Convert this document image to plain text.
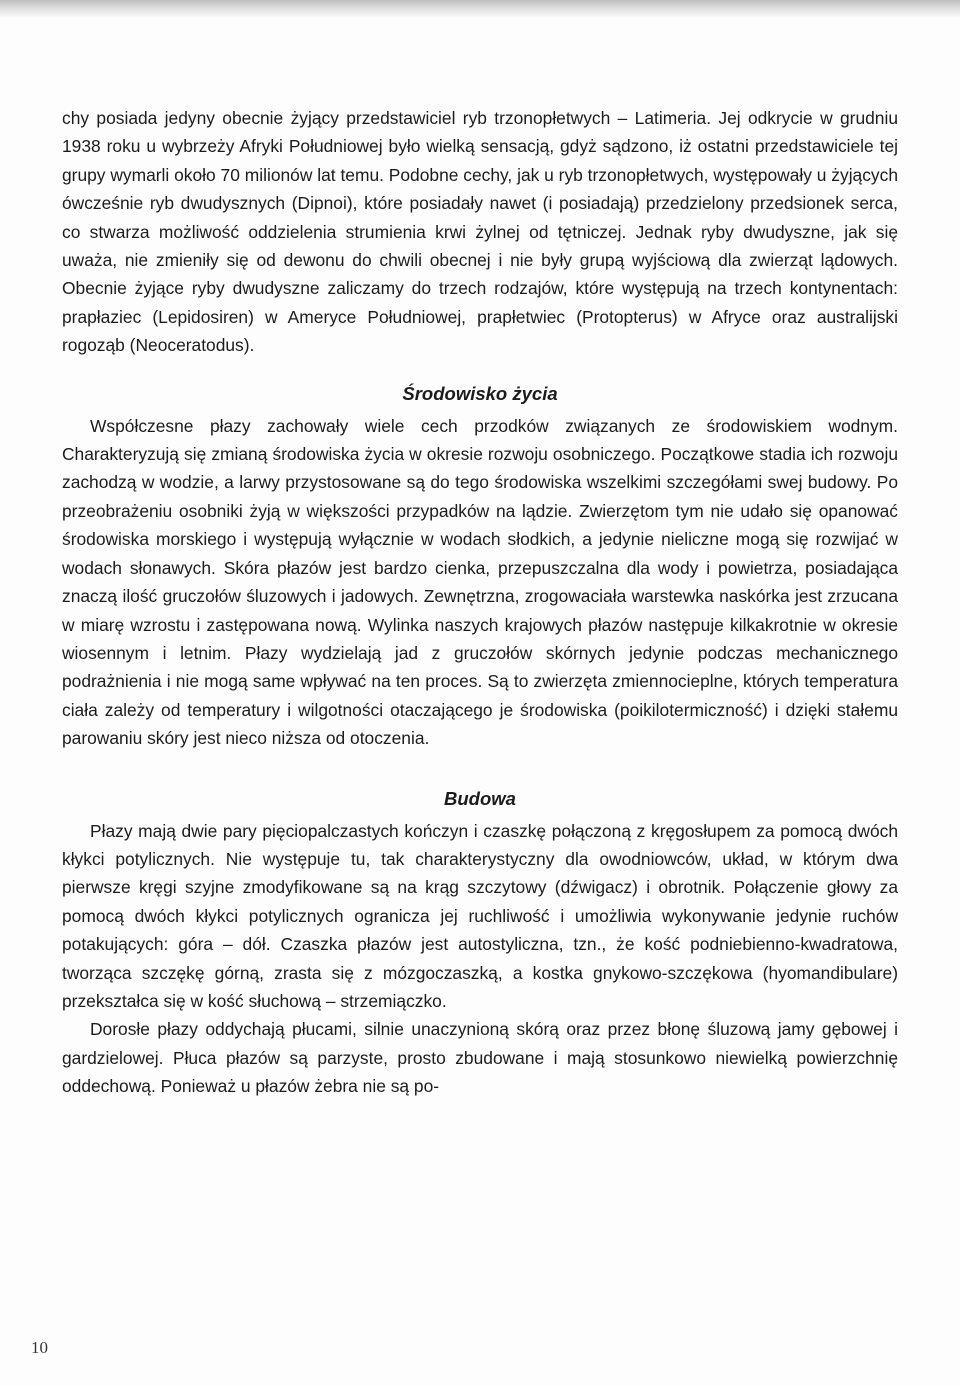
chy posiada jedyny obecnie żyjący przedstawiciel ryb trzonopłetwych – Latimeria. Jej odkrycie w grudniu 1938 roku u wybrzeży Afryki Południowej było wielką sensacją, gdyż sądzono, iż ostatni przedstawiciele tej grupy wymarli około 70 milionów lat temu. Podobne cechy, jak u ryb trzonopłetwych, występowały u żyjących ówcześnie ryb dwudysznych (Dipnoi), które posiadały nawet (i posiadają) przedzielony przedsionek serca, co stwarza możliwość oddzielenia strumienia krwi żylnej od tętniczej. Jednak ryby dwudyszne, jak się uważa, nie zmieniły się od dewonu do chwili obecnej i nie były grupą wyjściową dla zwierząt lądowych. Obecnie żyjące ryby dwudyszne zaliczamy do trzech rodzajów, które występują na trzech kontynentach: prapłaziec (Lepidosiren) w Ameryce Południowej, prapłetwiec (Protopterus) w Afryce oraz australijski rogoząb (Neoceratodus).

Środowisko życia

Współczesne płazy zachowały wiele cech przodków związanych ze środowiskiem wodnym. Charakteryzują się zmianą środowiska życia w okresie rozwoju osobniczego. Początkowe stadia ich rozwoju zachodzą w wodzie, a larwy przystosowane są do tego środowiska wszelkimi szczegółami swej budowy. Po przeobrażeniu osobniki żyją w większości przypadków na lądzie. Zwierzętom tym nie udało się opanować środowiska morskiego i występują wyłącznie w wodach słodkich, a jedynie nieliczne mogą się rozwijać w wodach słonawych. Skóra płazów jest bardzo cienka, przepuszczalna dla wody i powietrza, posiadająca znaczą ilość gruczołów śluzowych i jadowych. Zewnętrzna, zrogowaciała warstewka naskórka jest zrzucana w miarę wzrostu i zastępowana nową. Wylinka naszych krajowych płazów następuje kilkakrotnie w okresie wiosennym i letnim. Płazy wydzielają jad z gruczołów skórnych jedynie podczas mechanicznego podrażnienia i nie mogą same wpływać na ten proces. Są to zwierzęta zmiennocieplne, których temperatura ciała zależy od temperatury i wilgotności otaczającego je środowiska (poikilotermiczność) i dzięki stałemu parowaniu skóry jest nieco niższa od otoczenia.

Budowa

Płazy mają dwie pary pięciopalczastych kończyn i czaszkę połączoną z kręgosłupem za pomocą dwóch kłykci potylicznych. Nie występuje tu, tak charakterystyczny dla owodniowców, układ, w którym dwa pierwsze kręgi szyjne zmodyfikowane są na krąg szczytowy (dźwigacz) i obrotnik. Połączenie głowy za pomocą dwóch kłykci potylicznych ogranicza jej ruchliwość i umożliwia wykonywanie jedynie ruchów potakujących: góra – dół. Czaszka płazów jest autostyliczna, tzn., że kość podniebienno-kwadratowa, tworząca szczękę górną, zrasta się z mózgoczaszką, a kostka gnykowo-szczękowa (hyomandibulare) przekształca się w kość słuchową – strzemiączko.

Dorosłe płazy oddychają płucami, silnie unaczynioną skórą oraz przez błonę śluzową jamy gębowej i gardzielowej. Płuca płazów są parzyste, prosto zbudowane i mają stosunkowo niewielką powierzchnię oddechową. Ponieważ u płazów żebra nie są po-

10
